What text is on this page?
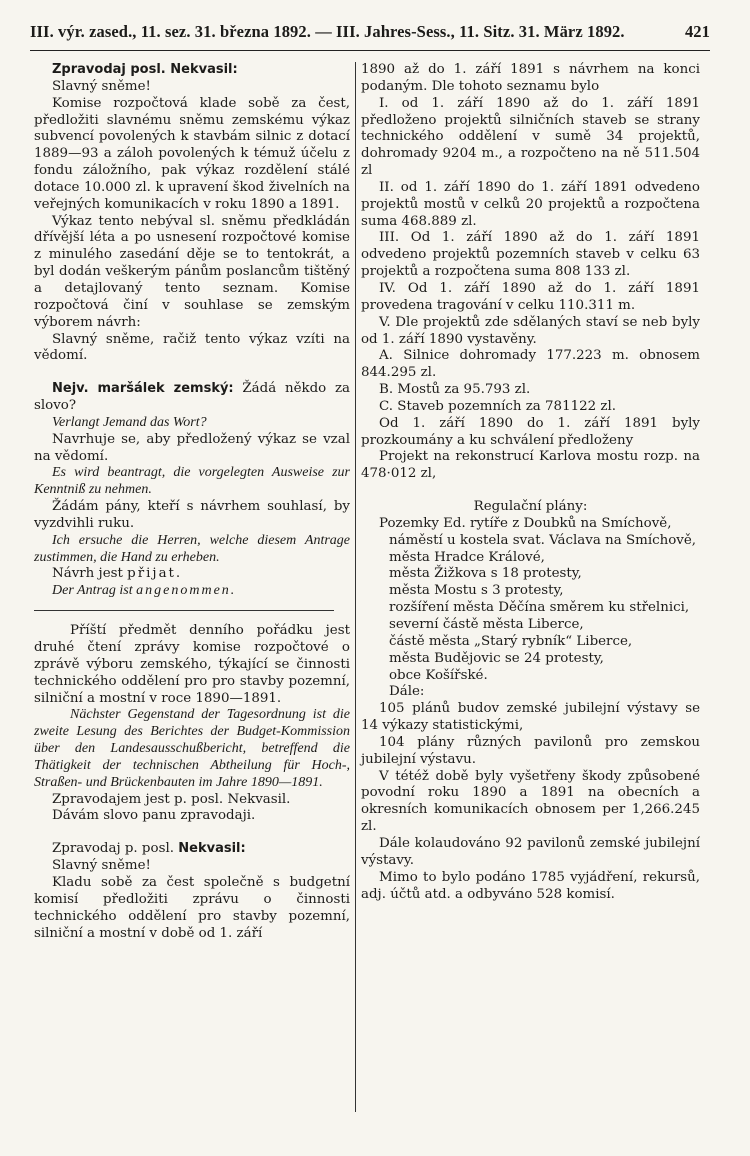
III. výr. zased., 11. sez. 31. března 1892. — III. Jahres-Sess., 11. Sitz. 31. März 1892.	421

Zpravodaj posl. Nekvasil:

Slavný sněme!

Komise rozpočtová klade sobě za čest, předložiti slavnému sněmu zemskému výkaz subvencí povolených k stavbám silnic z dotací 1889—93 a záloh povolených k témuž účelu z fondu záložního, pak výkaz rozdělení stálé dotace 10.000 zl. k upravení škod živelních na veřejných komunikacích v roku 1890 a 1891.

Výkaz tento nebýval sl. sněmu předkládán dřívější léta a po usnesení rozpočtové komise z minulého zasedání děje se to tentokrát, a byl dodán veškerým pánům poslancům tištěný a detajlovaný tento seznam. Komise rozpočtová činí v souhlase se zemským výborem návrh:

Slavný sněme, račiž tento výkaz vzíti na vědomí.

Nejv. maršálek zemský: Žádá někdo za slovo?

Verlangt Jemand das Wort?

Navrhuje se, aby předložený výkaz se vzal na vědomí.

Es wird beantragt, die vorgelegten Ausweise zur Kenntniß zu nehmen.

Žádám pány, kteří s návrhem souhlasí, by vyzdvihli ruku.

Ich ersuche die Herren, welche diesem Antrage zustimmen, die Hand zu erheben.

Návrh jest přijat.

Der Antrag ist angenommen.

Příští předmět denního pořádku jest druhé čtení zprávy komise rozpočtové o zprávě výboru zemského, týkající se činnosti technického oddělení pro pro stavby pozemní, silniční a mostní v roce 1890—1891.

Nächster Gegenstand der Tagesordnung ist die zweite Lesung des Berichtes der Budget-Kommission über den Landesausschußbericht, betreffend die Thätigkeit der technischen Abtheilung für Hoch-, Straßen- und Brückenbauten im Jahre 1890—1891.

Zpravodajem jest p. posl. Nekvasil.

Dávám slovo panu zpravodaji.

Zpravodaj p. posl. Nekvasil:

Slavný sněme!

Kladu sobě za čest společně s budgetní komisí předložiti zprávu o činnosti technického oddělení pro stavby pozemní, silniční a mostní v době od 1. září

1890 až do 1. září 1891 s návrhem na konci podaným. Dle tohoto seznamu bylo

I. od 1. září 1890 až do 1. září 1891 předloženo projektů silničních staveb se strany technického oddělení v sumě 34 projektů, dohromady 9204 m., a rozpočteno na ně 511.504 zl

II. od 1. září 1890 do 1. září 1891 odvedeno projektů mostů v celků 20 projektů a rozpočtena suma 468.889 zl.

III. Od 1. září 1890 až do 1. září 1891 odvedeno projektů pozemních staveb v celku 63 projektů a rozpočtena suma 808 133 zl.

IV. Od 1. září 1890 až do 1. září 1891 provedena tragování v celku 110.311 m.

V. Dle projektů zde sdělaných staví se neb byly od 1. září 1890 vystavěny.

A. Silnice dohromady 177.223 m. obnosem 844.295 zl.

B. Mostů za 95.793 zl.

C. Staveb pozemních za 781122 zl.

Od 1. září 1890 do 1. září 1891 byly prozkoumány a ku schválení předloženy

Projekt na rekonstrucí Karlova mostu rozp. na 478·012 zl,

Regulační plány:

Pozemky Ed. rytíře z Doubků na Smíchově,

náměstí u kostela svat. Václava na Smíchově,

města Hradce Králové,

města Žižkova s 18 protesty,

města Mostu s 3 protesty,

rozšíření města Děčína směrem ku střelnici,

severní částě města Liberce,

částě města „Starý rybník“ Liberce,

města Budějovic se 24 protesty,

obce Košířské.

Dále:

105 plánů budov zemské jubilejní výstavy se 14 výkazy statistickými,

104 plány různých pavilonů pro zemskou jubilejní výstavu.

V tétéž době byly vyšetřeny škody způsobené povodní roku 1890 a 1891 na obecních a okresních komunikacích obnosem per 1,266.245 zl.

Dále kolaudováno 92 pavilonů zemské jubilejní výstavy.

Mimo to bylo podáno 1785 vyjádření, rekursů, adj. účtů atd. a odbyváno 528 komisí.
